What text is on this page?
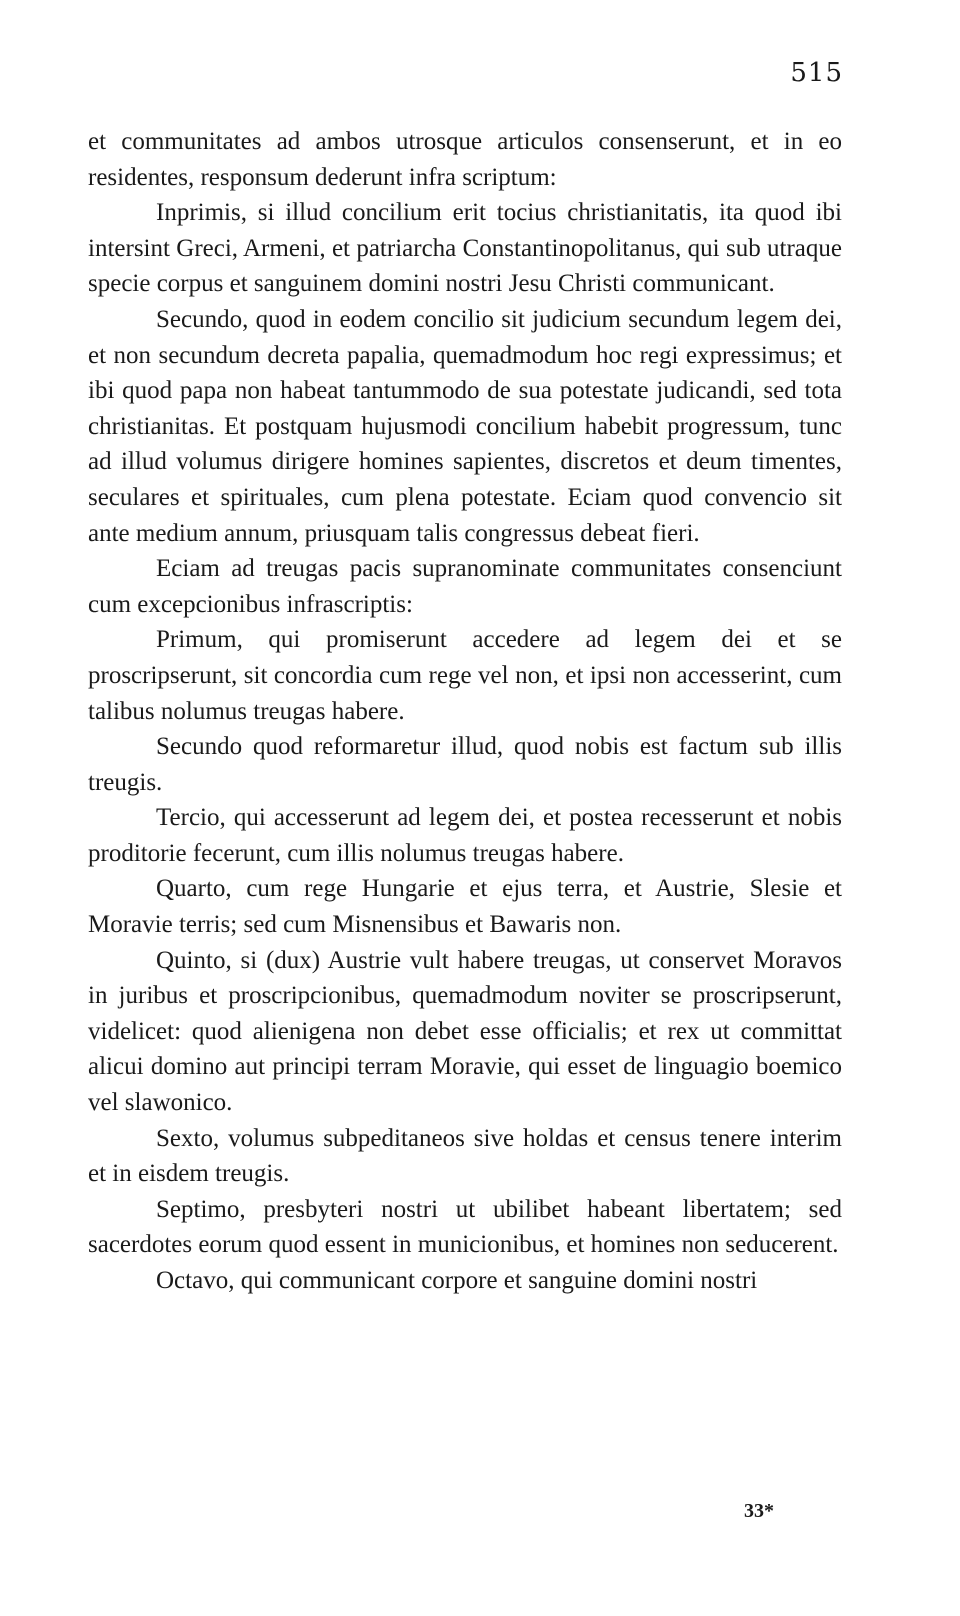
515

et communitates ad ambos utrosque articulos consenserunt, et in eo residentes, responsum dederunt infra scriptum:

Inprimis, si illud concilium erit tocius christianitatis, ita quod ibi intersint Greci, Armeni, et patriarcha Constantinopolitanus, qui sub utraque specie corpus et sanguinem domini nostri Jesu Christi communicant.

Secundo, quod in eodem concilio sit judicium secundum legem dei, et non secundum decreta papalia, quemadmodum hoc regi expressimus; et ibi quod papa non habeat tantummodo de sua potestate judicandi, sed tota christianitas. Et postquam hujusmodi concilium habebit progressum, tunc ad illud volumus dirigere homines sapientes, discretos et deum timentes, seculares et spirituales, cum plena potestate. Eciam quod convencio sit ante medium annum, priusquam talis congressus debeat fieri.

Eciam ad treugas pacis supranominate communitates consenciunt cum excepcionibus infrascriptis:

Primum, qui promiserunt accedere ad legem dei et se proscripserunt, sit concordia cum rege vel non, et ipsi non accesserint, cum talibus nolumus treugas habere.

Secundo quod reformaretur illud, quod nobis est factum sub illis treugis.

Tercio, qui accesserunt ad legem dei, et postea recesserunt et nobis proditorie fecerunt, cum illis nolumus treugas habere.

Quarto, cum rege Hungarie et ejus terra, et Austrie, Slesie et Moravie terris; sed cum Misnensibus et Bawaris non.

Quinto, si (dux) Austrie vult habere treugas, ut conservet Moravos in juribus et proscripcionibus, quemadmodum noviter se proscripserunt, videlicet: quod alienigena non debet esse officialis; et rex ut committat alicui domino aut principi terram Moravie, qui esset de linguagio boemico vel slawonico.

Sexto, volumus subpeditaneos sive holdas et census tenere interim et in eisdem treugis.

Septimo, presbyteri nostri ut ubilibet habeant libertatem; sed sacerdotes eorum quod essent in municionibus, et homines non seducerent.

Octavo, qui communicant corpore et sanguine domini nostri

33*
